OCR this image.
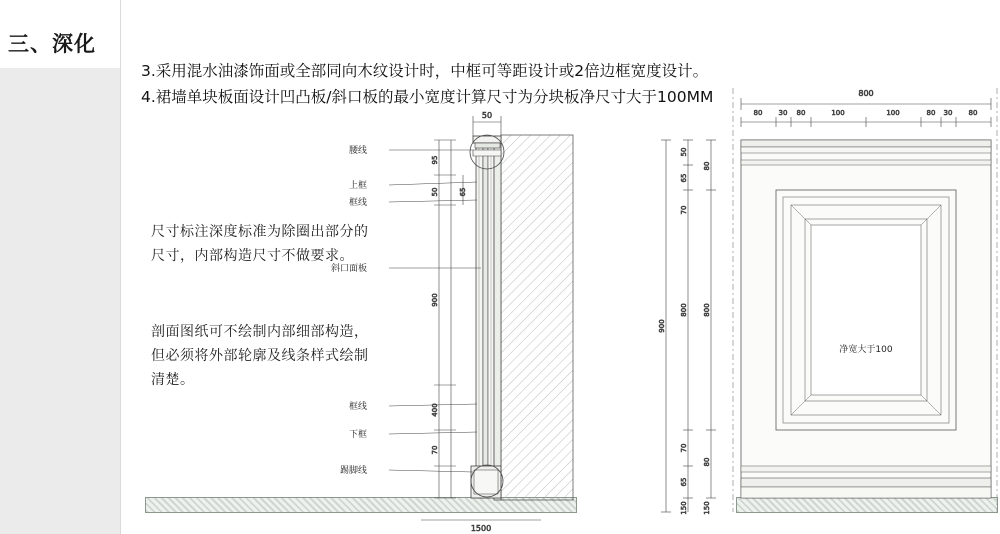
三、深化
3.采用混水油漆饰面或全部同向木纹设计时，中框可等距设计或2倍边框宽度设计。
4.裙墙单块板面设计凹凸板/斜口板的最小宽度计算尺寸为分块板净尺寸大于100MM
尺寸标注深度标准为除圈出部分的尺寸，内部构造尺寸不做要求。
剖面图纸可不绘制内部细部构造，但必须将外部轮廓及线条样式绘制清楚。
腰线
上框
框线
斜口面板
框线
下框
踢脚线
50
95
50
900
400
70
65
1500
净宽大于100
800
80 30 80	100	100	80 30 80
50
65
70
800
70
65
80
800
80
900
150 150
